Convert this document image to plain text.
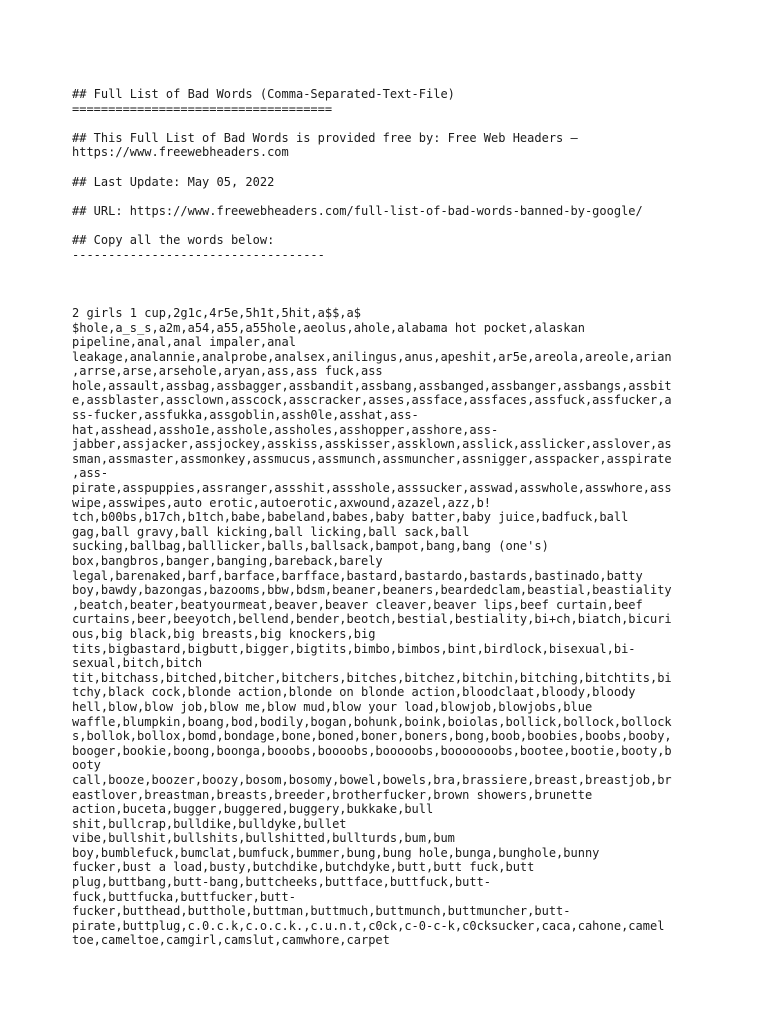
## Full List of Bad Words (Comma-Separated-Text-File)
====================================
## This Full List of Bad Words is provided free by: Free Web Headers –
https://www.freewebheaders.com
## Last Update: May 05, 2022
## URL: https://www.freewebheaders.com/full-list-of-bad-words-banned-by-google/
## Copy all the words below:
-----------------------------------
2 girls 1 cup,2g1c,4r5e,5h1t,5hit,a$$,a$
$hole,a_s_s,a2m,a54,a55,a55hole,aeolus,ahole,alabama hot pocket,alaskan
pipeline,anal,anal impaler,anal
leakage,analannie,analprobe,analsex,anilingus,anus,apeshit,ar5e,areola,areole,arian
,arrse,arse,arsehole,aryan,ass,ass fuck,ass
hole,assault,assbag,assbagger,assbandit,assbang,assbanged,assbanger,assbangs,assbit
e,assblaster,assclown,asscock,asscracker,asses,assface,assfaces,assfuck,assfucker,a
ss-fucker,assfukka,assgoblin,assh0le,asshat,ass-
hat,asshead,assho1e,asshole,assholes,asshopper,asshore,ass-
jabber,assjacker,assjockey,asskiss,asskisser,assklown,asslick,asslicker,asslover,as
sman,assmaster,assmonkey,assmucus,assmunch,assmuncher,assnigger,asspacker,asspirate
,ass-
pirate,asspuppies,assranger,assshit,assshole,asssucker,asswad,asswhole,asswhore,ass
wipe,asswipes,auto erotic,autoerotic,axwound,azazel,azz,b!
tch,b00bs,b17ch,b1tch,babe,babeland,babes,baby batter,baby juice,badfuck,ball
gag,ball gravy,ball kicking,ball licking,ball sack,ball
sucking,ballbag,balllicker,balls,ballsack,bampot,bang,bang (one's)
box,bangbros,banger,banging,bareback,barely
legal,barenaked,barf,barface,barfface,bastard,bastardo,bastards,bastinado,batty
boy,bawdy,bazongas,bazooms,bbw,bdsm,beaner,beaners,beardedclam,beastial,beastiality
,beatch,beater,beatyourmeat,beaver,beaver cleaver,beaver lips,beef curtain,beef
curtains,beer,beeyotch,bellend,bender,beotch,bestial,bestiality,bi+ch,biatch,bicuri
ous,big black,big breasts,big knockers,big
tits,bigbastard,bigbutt,bigger,bigtits,bimbo,bimbos,bint,birdlock,bisexual,bi-
sexual,bitch,bitch
tit,bitchass,bitched,bitcher,bitchers,bitches,bitchez,bitchin,bitching,bitchtits,bi
tchy,black cock,blonde action,blonde on blonde action,bloodclaat,bloody,bloody
hell,blow,blow job,blow me,blow mud,blow your load,blowjob,blowjobs,blue
waffle,blumpkin,boang,bod,bodily,bogan,bohunk,boink,boiolas,bollick,bollock,bollock
s,bollok,bollox,bomd,bondage,bone,boned,boner,boners,bong,boob,boobies,boobs,booby,
booger,bookie,boong,boonga,booobs,boooobs,booooobs,booooooobs,bootee,bootie,booty,b
ooty
call,booze,boozer,boozy,bosom,bosomy,bowel,bowels,bra,brassiere,breast,breastjob,br
eastlover,breastman,breasts,breeder,brotherfucker,brown showers,brunette
action,buceta,bugger,buggered,buggery,bukkake,bull
shit,bullcrap,bulldike,bulldyke,bullet
vibe,bullshit,bullshits,bullshitted,bullturds,bum,bum
boy,bumblefuck,bumclat,bumfuck,bummer,bung,bung hole,bunga,bunghole,bunny
fucker,bust a load,busty,butchdike,butchdyke,butt,butt fuck,butt
plug,buttbang,butt-bang,buttcheeks,buttface,buttfuck,butt-
fuck,buttfucka,buttfucker,butt-
fucker,butthead,butthole,buttman,buttmuch,buttmunch,buttmuncher,butt-
pirate,buttplug,c.0.c.k,c.o.c.k.,c.u.n.t,c0ck,c-0-c-k,c0cksucker,caca,cahone,camel
toe,cameltoe,camgirl,camslut,camwhore,carpet
